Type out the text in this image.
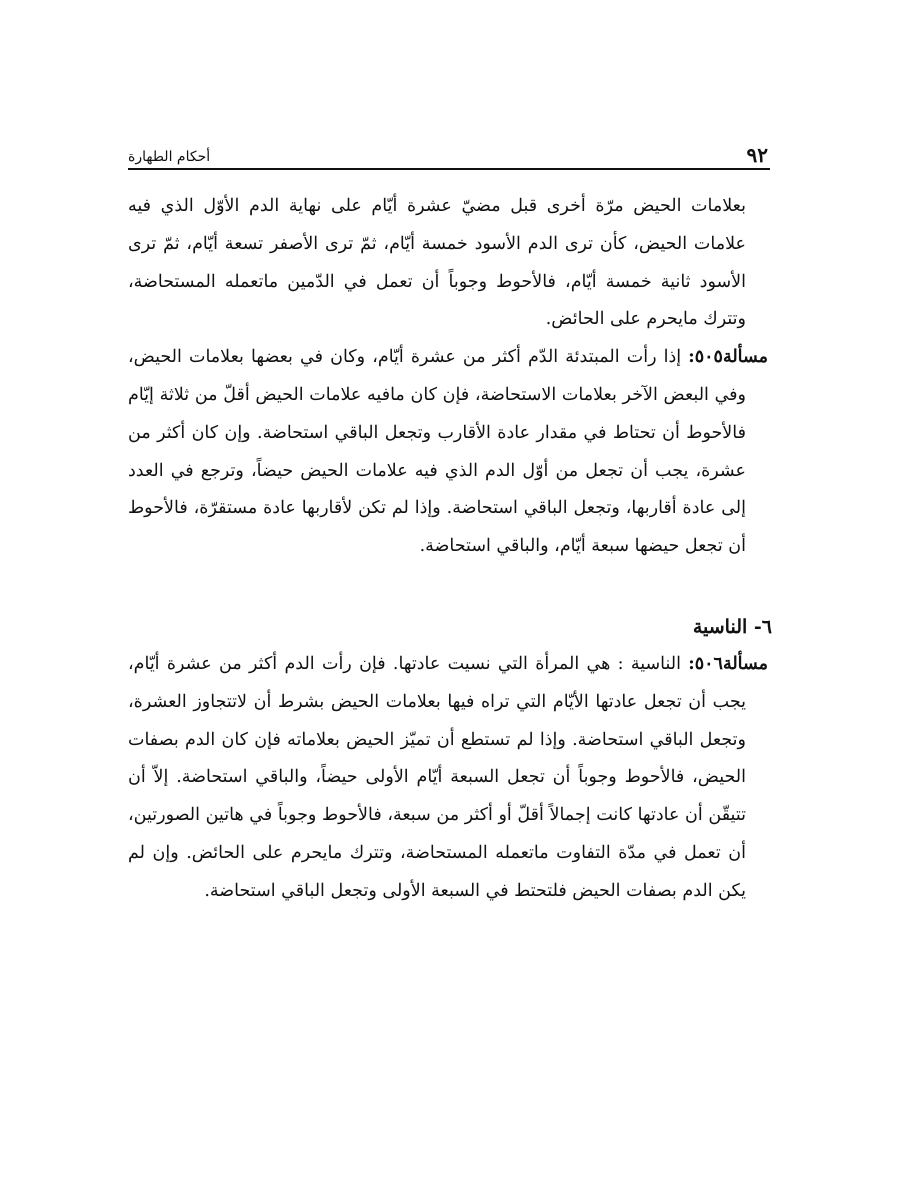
٩٢
أحكام الطهارة

بعلامات الحيض مرّة أخرى قبل مضيّ عشرة أيّام على نهاية الدم الأوّل الذي فيه علامات الحيض، كأن ترى الدم الأسود خمسة أيّام، ثمّ ترى الأصفر تسعة أيّام، ثمّ ترى الأسود ثانية خمسة أيّام، فالأحوط وجوباً أن تعمل في الدّمين ماتعمله المستحاضة، وتترك مايحرم على الحائض.

مسألة٥٠٥: إذا رأت المبتدئة الدّم أكثر من عشرة أيّام، وكان في بعضها بعلامات الحيض، وفي البعض الآخر بعلامات الاستحاضة، فإن كان مافيه علامات الحيض أقلّ من ثلاثة إيّام فالأحوط أن تحتاط في مقدار عادة الأقارب وتجعل الباقي استحاضة. وإن كان أكثر من عشرة، يجب أن تجعل من أوّل الدم الذي فيه علامات الحيض حيضاً، وترجع في العدد إلى عادة أقاربها، وتجعل الباقي استحاضة. وإذا لم تكن لأقاربها عادة مستقرّة، فالأحوط أن تجعل حيضها سبعة أيّام، والباقي استحاضة.

٦- الناسية

مسألة٥٠٦: الناسية : هي المرأة التي نسيت عادتها. فإن رأت الدم أكثر من عشرة أيّام، يجب أن تجعل عادتها الأيّام التي تراه فيها بعلامات الحيض بشرط أن لاتتجاوز العشرة، وتجعل الباقي استحاضة. وإذا لم تستطع أن تميّز الحيض بعلاماته فإن كان الدم بصفات الحيض، فالأحوط وجوباً أن تجعل السبعة أيّام الأولى حيضاً، والباقي استحاضة. إلاّ أن تتيقّن أن عادتها كانت إجمالاً أقلّ أو أكثر من سبعة، فالأحوط وجوباً في هاتين الصورتين، أن تعمل في مدّة التفاوت ماتعمله المستحاضة، وتترك مايحرم على الحائض. وإن لم يكن الدم بصفات الحيض فلتحتط في السبعة الأولى وتجعل الباقي استحاضة.
